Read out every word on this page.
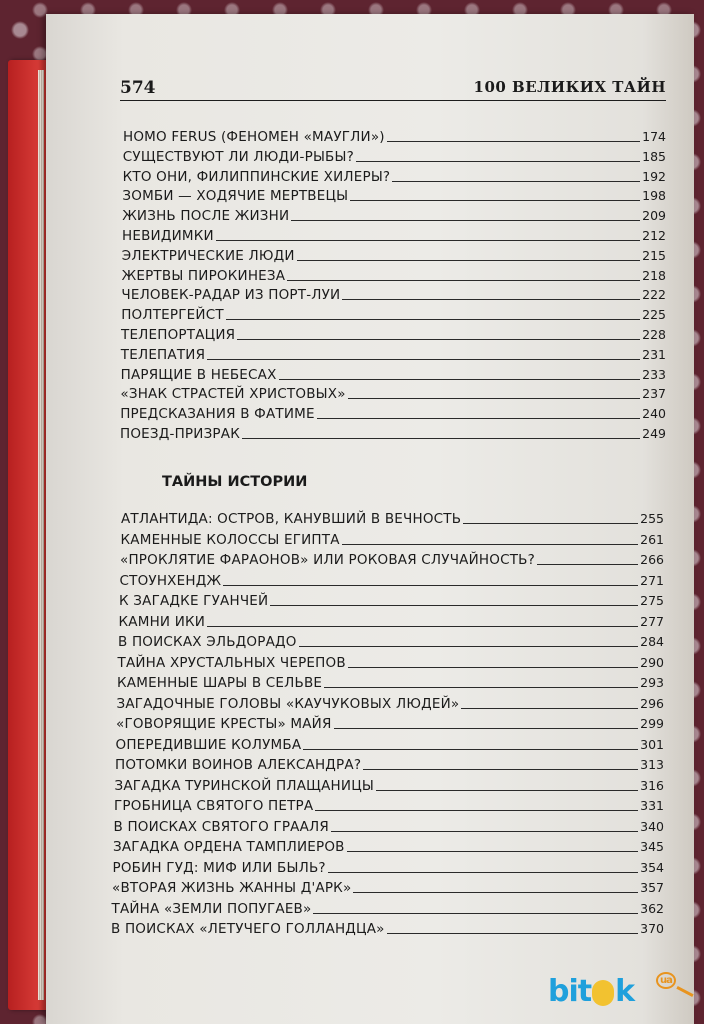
574	100 ВЕЛИКИХ ТАЙН
HOMO FERUS (ФЕНОМЕН «МАУГЛИ»)	174
СУЩЕСТВУЮТ ЛИ ЛЮДИ-РЫБЫ?	185
КТО ОНИ, ФИЛИППИНСКИЕ ХИЛЕРЫ?	192
ЗОМБИ — ХОДЯЧИЕ МЕРТВЕЦЫ	198
ЖИЗНЬ ПОСЛЕ ЖИЗНИ	209
НЕВИДИМКИ	212
ЭЛЕКТРИЧЕСКИЕ ЛЮДИ	215
ЖЕРТВЫ ПИРОКИНЕЗА	218
ЧЕЛОВЕК-РАДАР ИЗ ПОРТ-ЛУИ	222
ПОЛТЕРГЕЙСТ	225
ТЕЛЕПОРТАЦИЯ	228
ТЕЛЕПАТИЯ	231
ПАРЯЩИЕ В НЕБЕСАХ	233
«ЗНАК СТРАСТЕЙ ХРИСТОВЫХ»	237
ПРЕДСКАЗАНИЯ В ФАТИМЕ	240
ПОЕЗД-ПРИЗРАК	249
АТЛАНТИДА: ОСТРОВ, КАНУВШИЙ В ВЕЧНОСТЬ	255
КАМЕННЫЕ КОЛОССЫ ЕГИПТА	261
«ПРОКЛЯТИЕ ФАРАОНОВ» ИЛИ РОКОВАЯ СЛУЧАЙНОСТЬ?	266
СТОУНХЕНДЖ	271
К ЗАГАДКЕ ГУАНЧЕЙ	275
КАМНИ ИКИ	277
В ПОИСКАХ ЭЛЬДОРАДО	284
ТАЙНА ХРУСТАЛЬНЫХ ЧЕРЕПОВ	290
КАМЕННЫЕ ШАРЫ В СЕЛЬВЕ	293
ЗАГАДОЧНЫЕ ГОЛОВЫ «КАУЧУКОВЫХ ЛЮДЕЙ»	296
«ГОВОРЯЩИЕ КРЕСТЫ» МАЙЯ	299
ОПЕРЕДИВШИЕ КОЛУМБА	301
ПОТОМКИ ВОИНОВ АЛЕКСАНДРА?	313
ЗАГАДКА ТУРИНСКОЙ ПЛАЩАНИЦЫ	316
ГРОБНИЦА СВЯТОГО ПЕТРА	331
В ПОИСКАХ СВЯТОГО ГРААЛЯ	340
ЗАГАДКА ОРДЕНА ТАМПЛИЕРОВ	345
РОБИН ГУД: МИФ ИЛИ БЫЛЬ?	354
«ВТОРАЯ ЖИЗНЬ ЖАННЫ Д'АРК»	357
ТАЙНА «ЗЕМЛИ ПОПУГАЕВ»	362
В ПОИСКАХ «ЛЕТУЧЕГО ГОЛЛАНДЦА»	370
ТАЙНЫ ИСТОРИИ
bit k	ua
